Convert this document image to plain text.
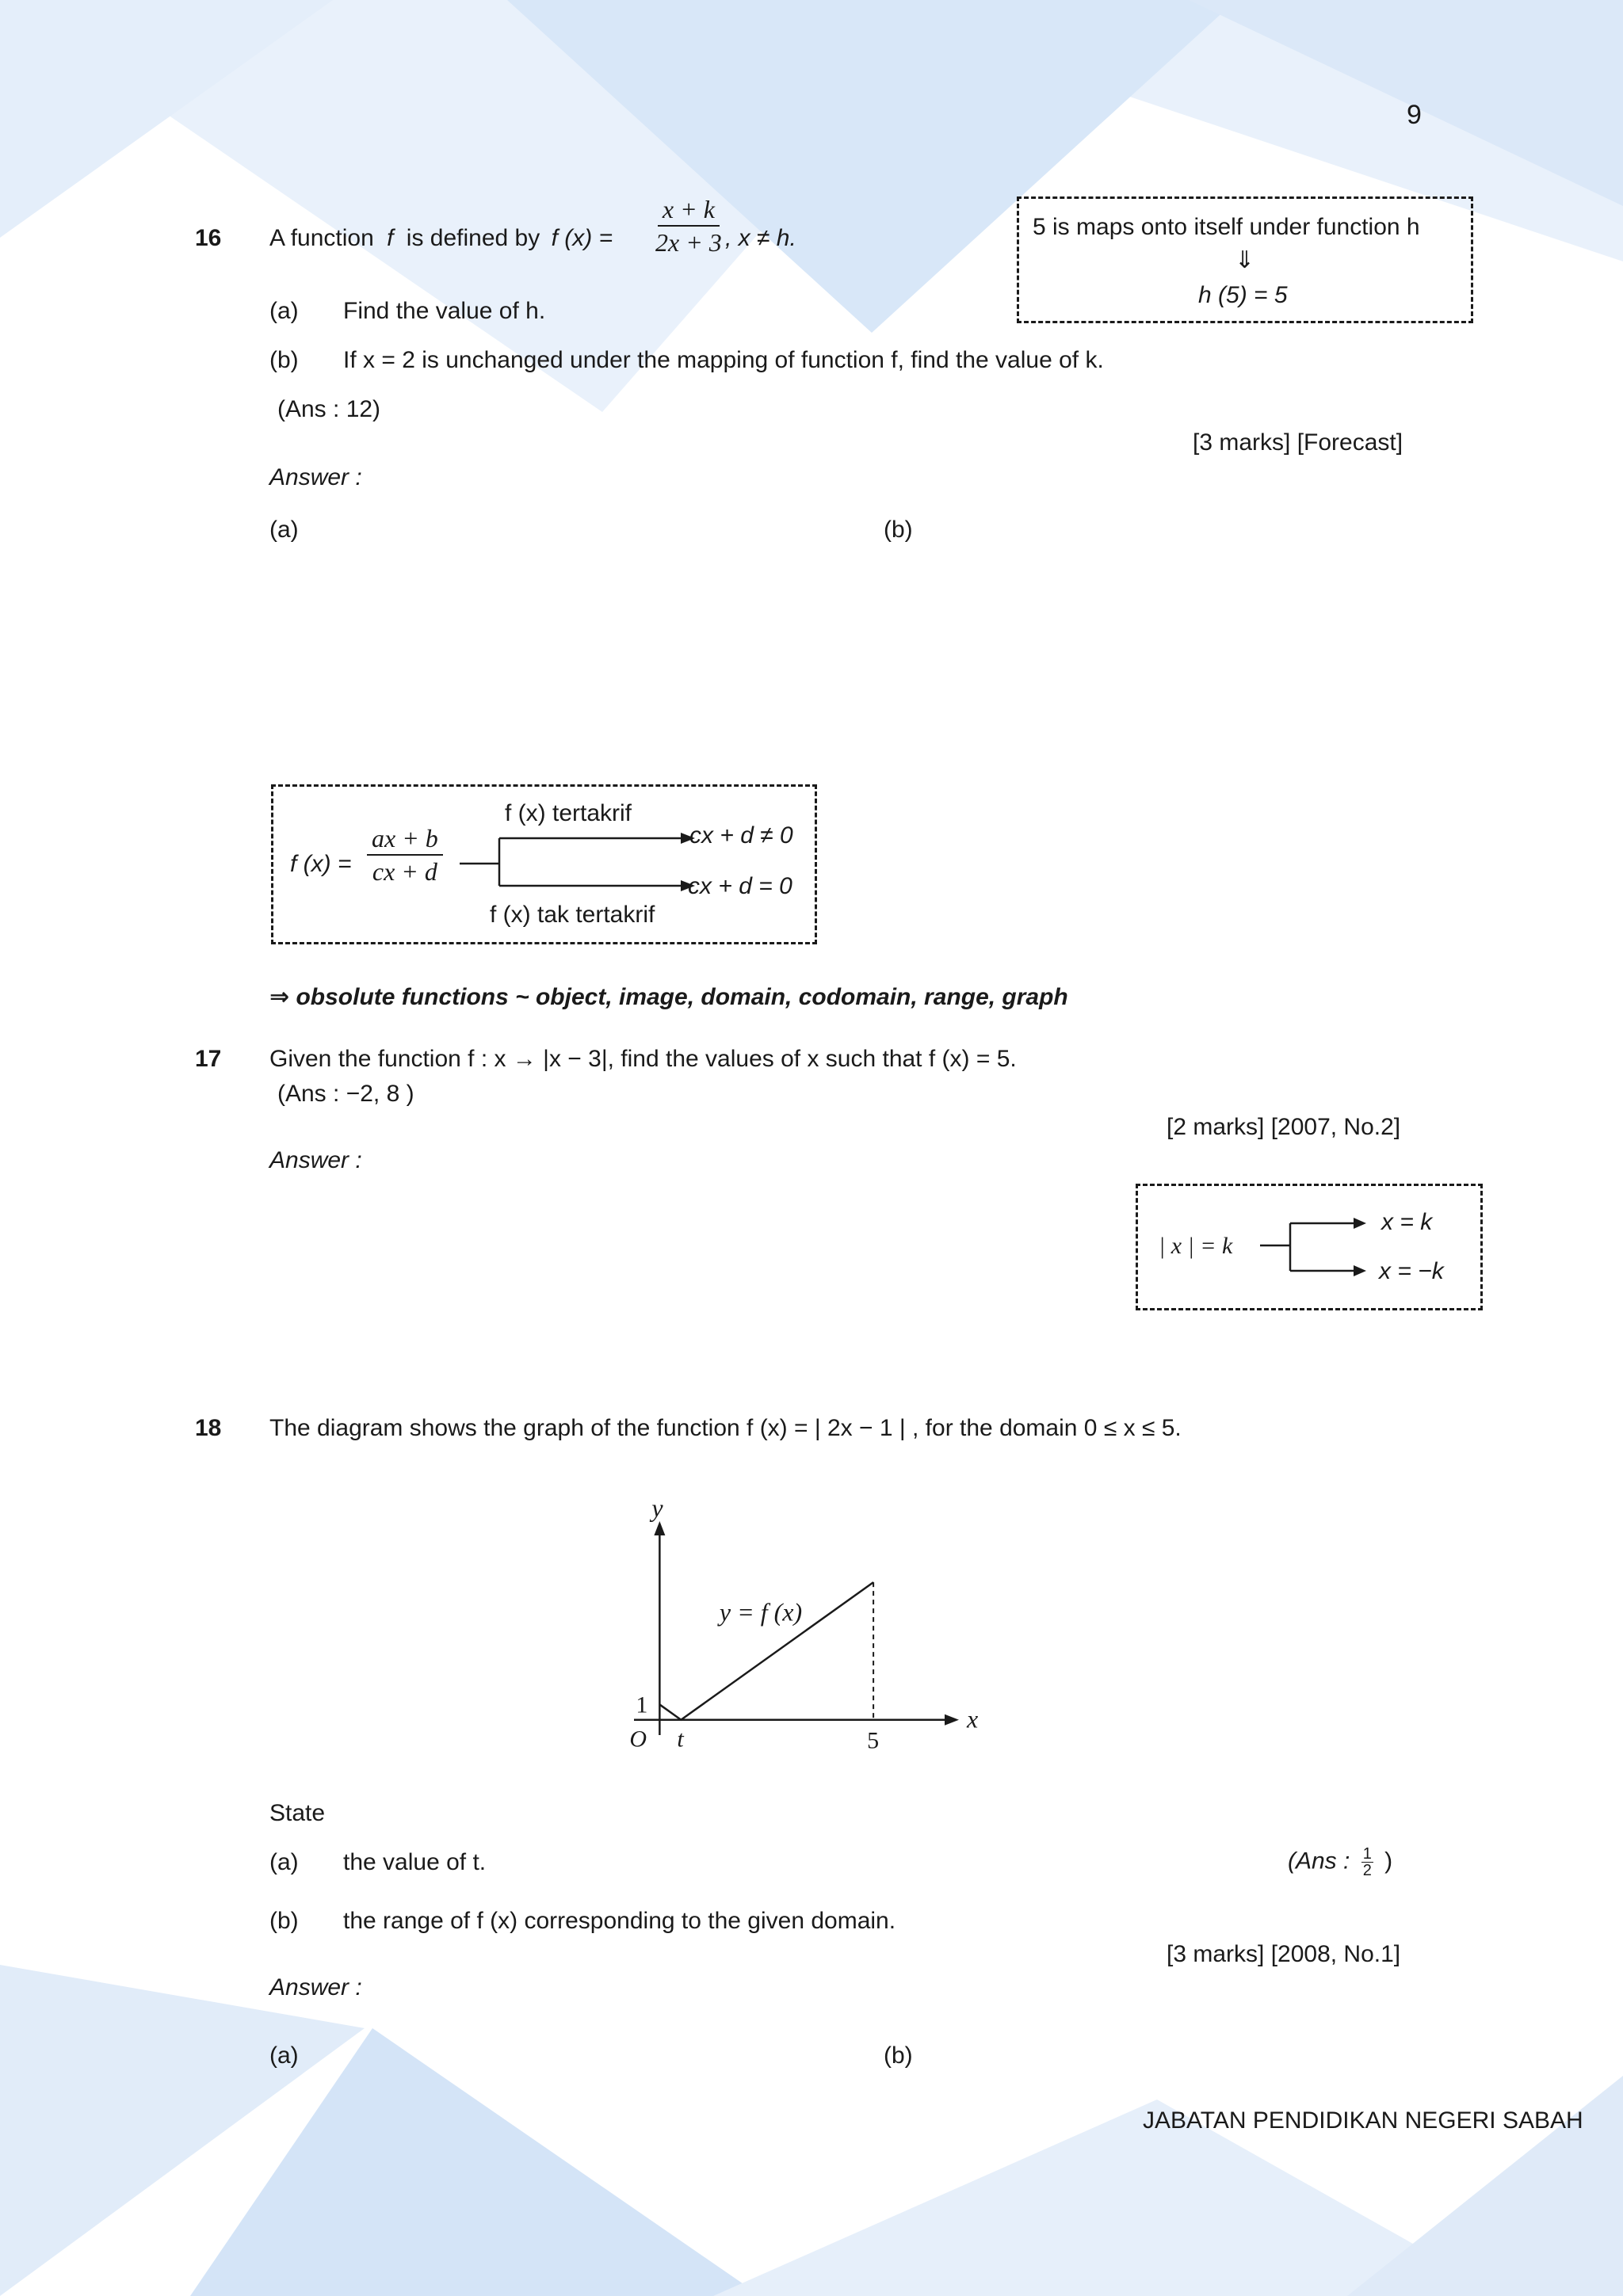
9
16 A function f is defined by f $(x) = \frac{x + k}{2x + 3}$
, x ≠ h.	5 is maps onto itself under function h
⇓
h (5) = 5
(a) Find the value of h.
(b) If x = 2 is unchanged under the mapping of function f, find the value of k.
(Ans : 12)
[3 marks] [Forecast]
Answer :
(a)	(b)
f $(x) = \frac{ax + b}{cx + d}$
f (x) tertakrif
f (x) tak tertakrif
cx + d ≠ 0
cx + d = 0
⇒ obsolute functions ~ object, image, domain, codomain, range, graph
17 Given the function f : x → |x − 3|, find the values of x such that f (x) = 5.
(Ans : −2, 8 )
[2 marks] [2007, No.2]
Answer :
| x | = k
x = k
x = −k
18 The diagram shows the graph of the function f (x) = | 2x − 1 | , for the domain 0 ≤ x ≤ 5.
y
x
O t	5
1
y = f (x)
State
(a) the value of t.	(Ans : $\frac{1}{2}$ )
(b) the range of f (x) corresponding to the given domain.
[3 marks] [2008, No.1]
Answer :
(a)	(b)
JABATAN PENDIDIKAN NEGERI SABAH
